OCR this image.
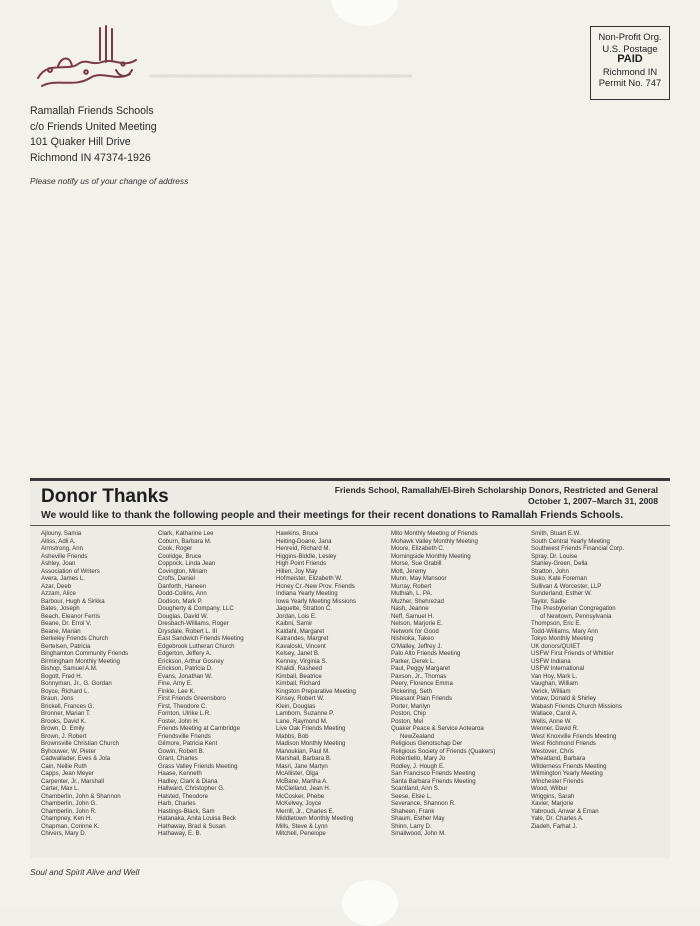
▁▁▁▁▁▁▁▁▁▁▁▁▁▁▁▁▁▁▁▁
Ramallah Friends Schools
c/o Friends United Meeting
101 Quaker Hill Drive
Richmond IN 47374-1926
Please notify us of your change of address
Non-Profit Org.
U.S. Postage
PAID
Richmond IN
Permit No. 747
Donor Thanks	Friends School, Ramallah/El-Bireh Scholarship Donors, Restricted and General
October 1, 2007–March 31, 2008
We would like to thank the following people and their meetings for their recent donations to Ramallah Friends Schools.
Ajlouny, Samia
Alliss, Adli A.
Armstrong, Ann
Asheville Friends
Ashley, Joan
Association of Writers
Avera, James L.
Azar, Deeb
Azzam, Alice
Barbour, Hugh & Sirkka
Bates, Joseph
Beach, Eleanor Ferris
Beane, Dr. Errol V.
Beane, Marian
Berkeley Friends Church
Bertelsen, Patricia
Binghamton Community Friends
Birmingham Monthly Meeting
Bishop, Samuel A.M.
Bogott, Fred H.
Bonnyman, Jr., G. Gordan
Boyce, Richard L.
Braun, Jens
Brickell, Frances G.
Bronner, Marian T.
Brooks, David K.
Brown, D. Emily
Brown, J. Robert
Brownsville Christian Church
Byhouwer, W. Pieter
Cadwallader, Eves & Jola
Cain, Nellie Ruth
Capps, Jean Meyer
Carpenter, Jr., Marshall
Carter, Max L.
Chamberlin, John & Shannon
Chamberlin, John G.
Chamberlin, John R.
Champney, Ken H.
Chapman, Corinne K.
Chivers, Mary D.
Clark, Katharine Lee
Coburn, Barbara M.
Cook, Roger
Coolidge, Bruce
Coppock, Linda Jean
Covington, Miriam
Crofts, Daniel
Danforth, Haneen
Dodd-Collins, Ann
Dodson, Mark P.
Dougherty & Company, LLC
Douglas, David W.
Dresbach-Williams, Roger
Drysdale, Robert L. III
East Sandwich Friends Meeting
Edgebrook Lutheran Church
Edgerton, Jeffery A.
Erickson, Arthur Gosney
Erickson, Patricia D.
Evans, Jonathan W.
Fine, Amy E.
Finkle, Lee K.
First Friends Greensboro
First, Theodore C.
Fornton, Ulrike L.R.
Foster, John H.
Friends Meeting at Cambridge
Friendsville Friends
Gilmore, Patricia Kent
Gowin, Robert B.
Grant, Charles
Grass Valley Friends Meeting
Haase, Kenneth
Hadley, Clark & Diana
Hallward, Christopher G.
Halsted, Theodore
Harb, Charles
Hastings-Black, Sam
Hatanaka, Anita Louisa Beck
Hathaway, Brad & Susan
Hathaway, E. B.
Hawkins, Bruce
Heiting-Doane, Jana
Henreid, Richard M.
Higgins-Biddle, Lesley
High Point Friends
Hillen, Joy May
Hofmeister, Elizabeth W.
Honey Cr.-New Prov. Friends
Indiana Yearly Meeting
Iowa Yearly Meeting Missions
Jaquette, Stratton C.
Jordan, Lois E.
Kaibni, Samir
Kaldahl, Margaret
Katrandes, Margret
Kavaloski, Vincent
Kelsey, Janet B.
Kenney, Virginia S.
Khalidi, Rasheed
Kimball, Beatrice
Kimball, Richard
Kingston Preparative Meeting
Kinsey, Robert W.
Klein, Douglas
Lamborn, Suzanne P.
Lane, Raymond M.
Live Oak Friends Meeting
Mabbs, Bob
Madison Monthly Meeting
Manoukian, Paul M.
Marshall, Barbara B.
Masri, Jane Martyn
McAllister, Olga
McBane, Martha A.
McClelland, Jean H.
McCosker, Phebe
McKelvey, Joyce
Merrill, Jr., Charles E.
Middletown Monthly Meeting
Mills, Steve & Lynn
Mitchell, Penelope
Mito Monthly Meeting of Friends
Mohawk Valley Monthly Meeting
Moore, Elizabeth C.
Morningside Monthly Meeting
Morse, Sue Grabill
Mott, Jeremy
Munn, May Mansoor
Murray, Robert
Muthiah, L. PA.
Muzher, Shehrezad
Nash, Jeanne
Neff, Samuel H.
Nelson, Marjorie E.
Network for Good
Nishioka, Takeo
O'Malley, Jeffrey J.
Palo Alto Friends Meeting
Parker, Derek L.
Paul, Peggy Margaret
Paxson, Jr., Thomas
Peery, Florence Emma
Pickering, Seth
Pleasant Plain Friends
Porter, Marilyn
Poston, Chip
Poston, Mel
Quaker Peace & Service Aotearoa
NewZealand
Religious Genotschap Der
Religious Society of Friends (Quakers)
Robertiello, Mary Jo
Rodley, J. Hough E.
San Francisco Friends Meeting
Santa Barbara Friends Meeting
Scantland, Ann S.
Seese, Elsie L.
Severance, Shannon R.
Shaheen, Frank
Shaum, Esther May
Shinn, Larry D.
Smallwood, John M.
Smith, Stuart E.W.
South Central Yearly Meeting
Southwest Friends Financial Corp.
Spray, Dr. Louise
Stanley-Green, Della
Stratton, John
Suko, Kate Foreman
Sullivan & Worcester, LLP
Sunderland, Esther W.
Taylor, Sadie
The Presbyterian Congregation
of Newtown, Pennsylvania
Thompson, Eric E.
Todd-Williams, Mary Ann
Tokyo Monthly Meeting
UK donors/QUIET
USFW First Friends of Whittier
USFW Indiana
USFW International
Van Hoy, Mark L.
Vaughan, William
Verick, William
Votaw, Donald & Shirley
Wabash Friends Church Missions
Wallace, Carol A.
Wells, Anne W.
Wenner, David R.
West Knoxville Friends Meeting
West Richmond Friends
Westover, Chris
Wheatland, Barbara
Wilderness Friends Meeting
Wilmington Yearly Meeting
Winchester Friends
Wood, Wilbur
Wriggins, Sarah
Xavier, Marjorie
Yabroudi, Anwar & Eman
Yale, Dr. Charles A.
Ziadeh, Farhat J.
Soul and Spirit Alive and Well
